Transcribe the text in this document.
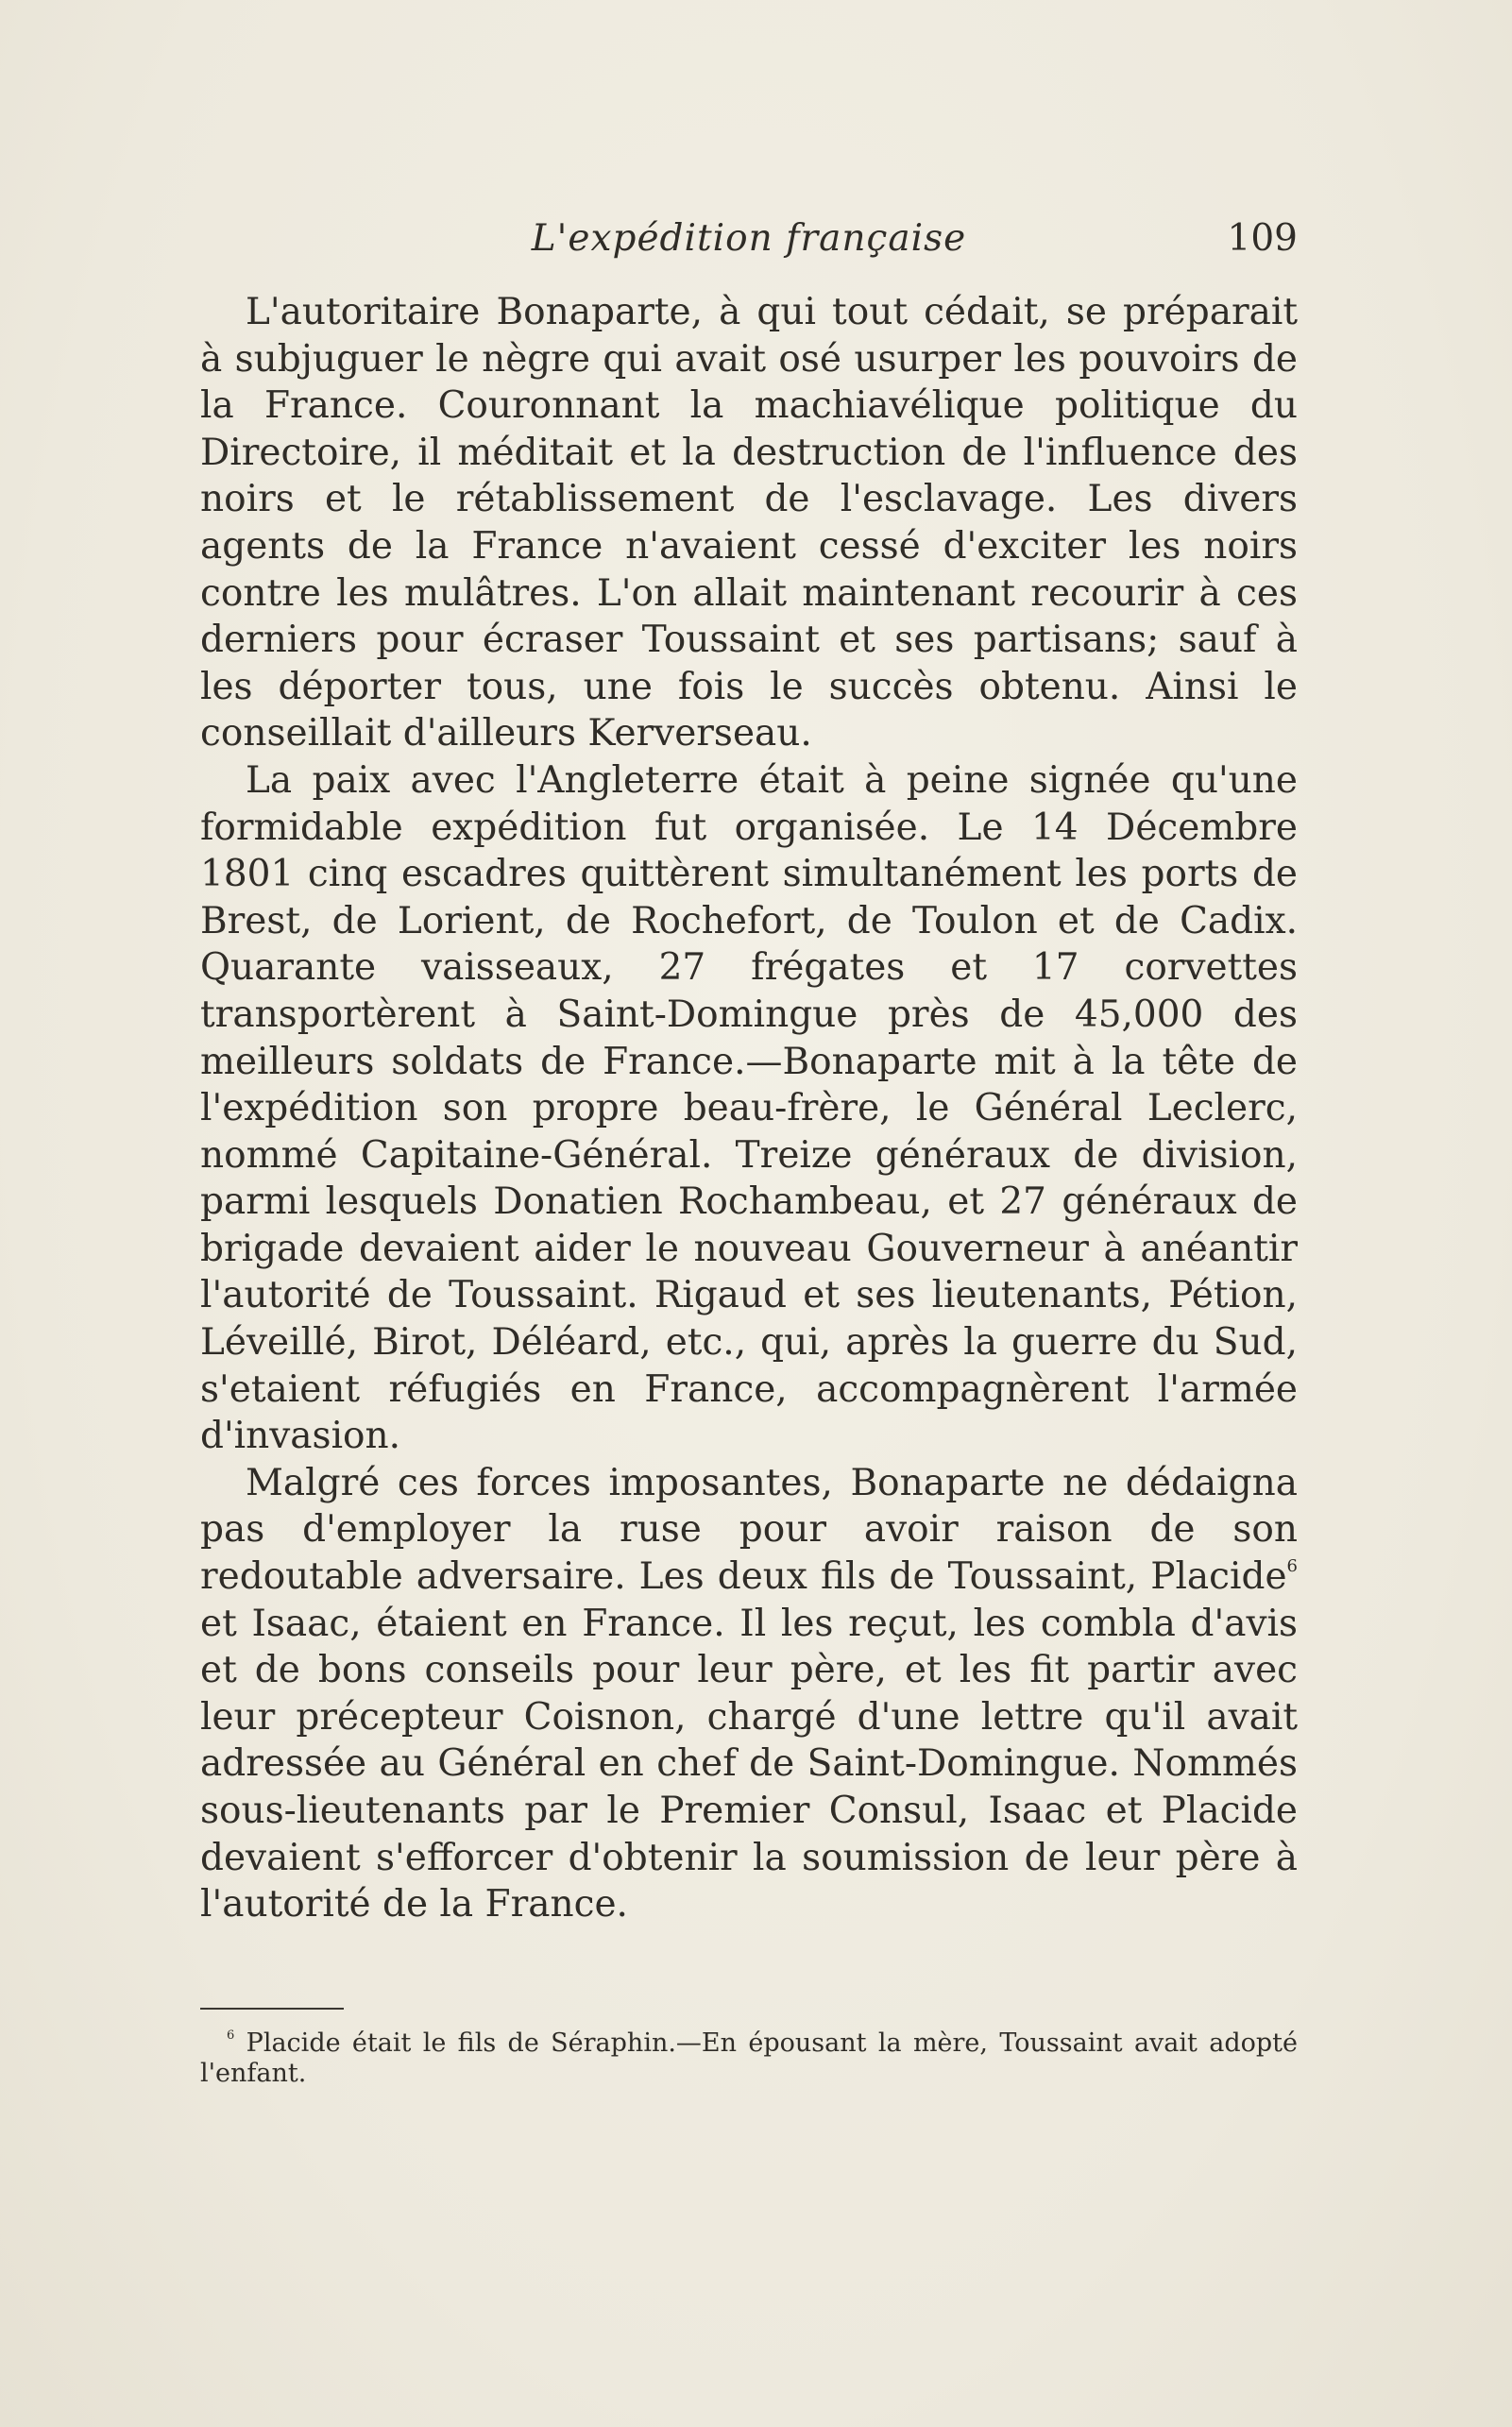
L'expédition française	109

L'autoritaire Bonaparte, à qui tout cédait, se préparait à subjuguer le nègre qui avait osé usurper les pouvoirs de la France. Couronnant la machiavélique politique du Directoire, il méditait et la destruction de l'influence des noirs et le rétablissement de l'esclavage. Les divers agents de la France n'avaient cessé d'exciter les noirs contre les mulâtres. L'on allait maintenant recourir à ces derniers pour écraser Toussaint et ses partisans; sauf à les déporter tous, une fois le succès obtenu. Ainsi le conseillait d'ailleurs Kerverseau.

La paix avec l'Angleterre était à peine signée qu'une formidable expédition fut organisée. Le 14 Décembre 1801 cinq escadres quittèrent simultanément les ports de Brest, de Lorient, de Rochefort, de Toulon et de Cadix. Quarante vaisseaux, 27 frégates et 17 corvettes transportèrent à Saint-Domingue près de 45,000 des meilleurs soldats de France.—Bonaparte mit à la tête de l'expédition son propre beau-frère, le Général Leclerc, nommé Capitaine-Général. Treize généraux de division, parmi lesquels Donatien Rochambeau, et 27 généraux de brigade devaient aider le nouveau Gouverneur à anéantir l'autorité de Toussaint. Rigaud et ses lieutenants, Pétion, Léveillé, Birot, Déléard, etc., qui, après la guerre du Sud, s'etaient réfugiés en France, accompagnèrent l'armée d'invasion.

Malgré ces forces imposantes, Bonaparte ne dédaigna pas d'employer la ruse pour avoir raison de son redoutable adversaire. Les deux fils de Toussaint, Placide$^6$ et Isaac, étaient en France. Il les reçut, les combla d'avis et de bons conseils pour leur père, et les fit partir avec leur précepteur Coisnon, chargé d'une lettre qu'il avait adressée au Général en chef de Saint-Domingue. Nommés sous-lieutenants par le Premier Consul, Isaac et Placide devaient s'efforcer d'obtenir la soumission de leur père à l'autorité de la France.

$^6$ Placide était le fils de Séraphin.—En épousant la mère, Toussaint avait adopté l'enfant.
